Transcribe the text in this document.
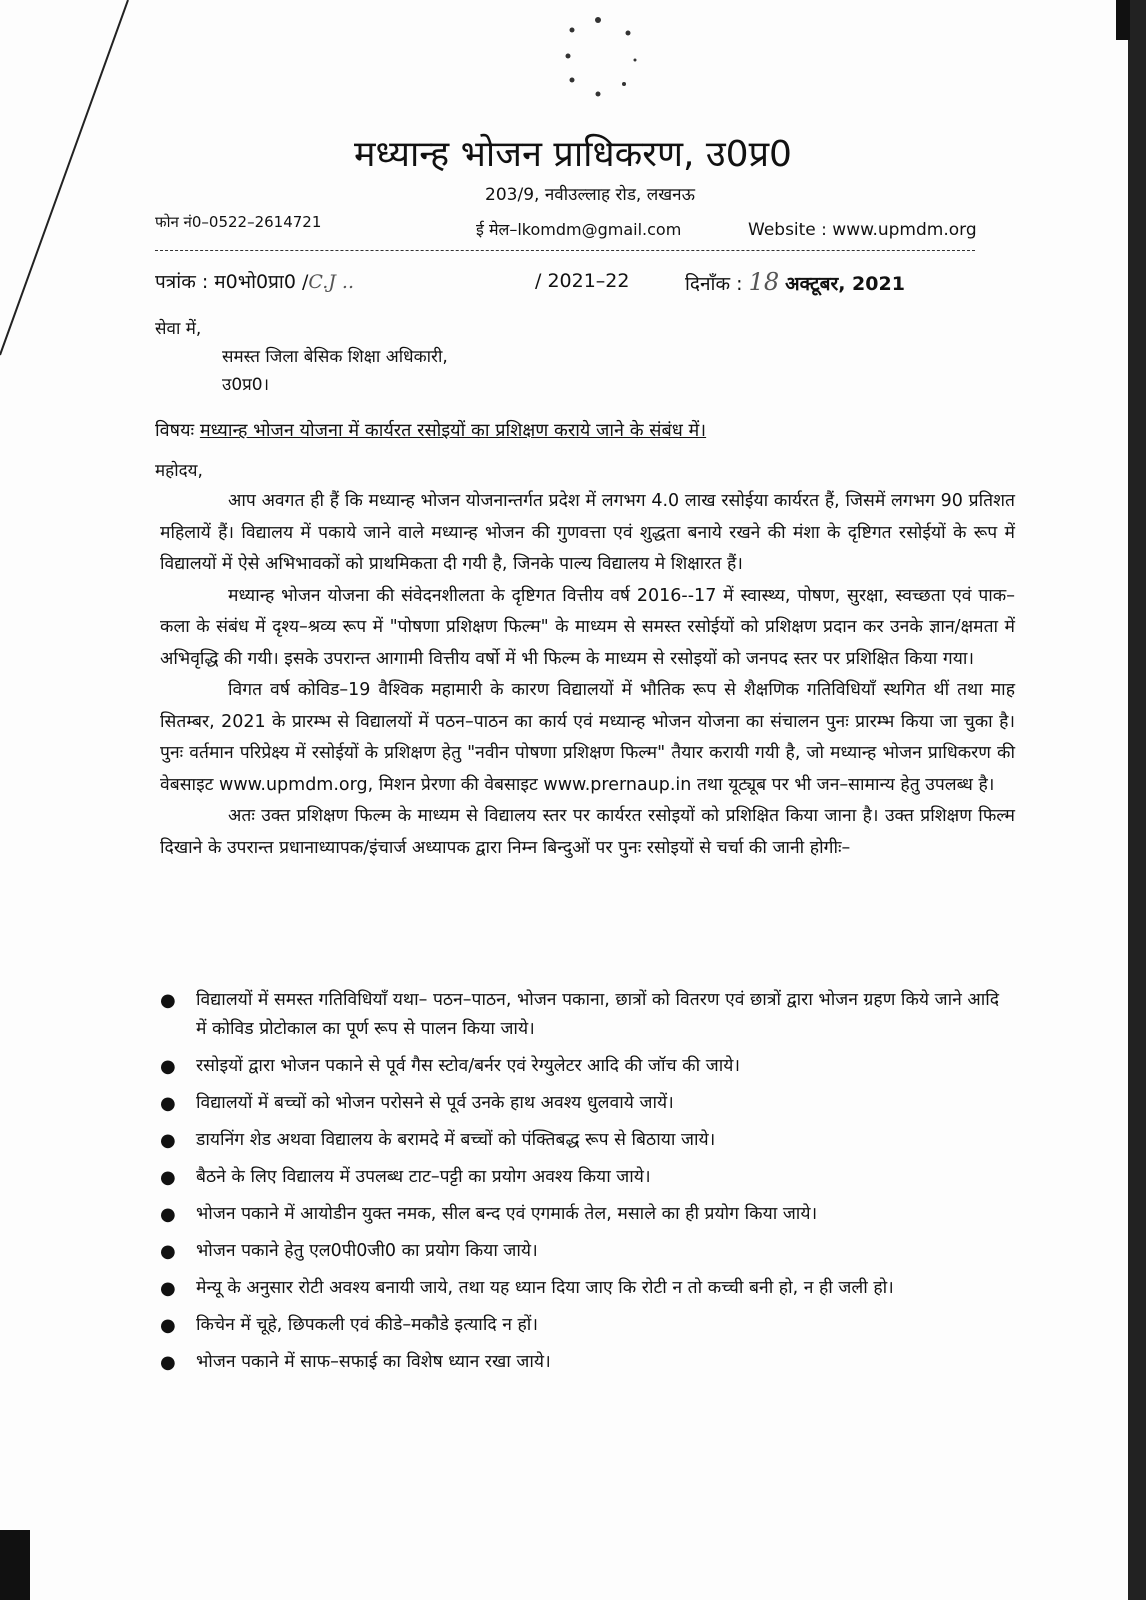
मध्यान्ह भोजन प्राधिकरण, उ0प्र0
203/9, नवीउल्लाह रोड, लखनऊ
फोन नं0–0522–2614721	ई मेल–lkomdm@gmail.com	Website : www.upmdm.org
पत्रांक : म0भो0प्रा0 /C.J ..	/ 2021–22	दिनाँक : 18 अक्टूबर, 2021
सेवा में,
समस्त जिला बेसिक शिक्षा अधिकारी,
उ0प्र0।
विषयः मध्यान्ह भोजन योजना में कार्यरत रसोइयों का प्रशिक्षण कराये जाने के संबंध में।
महोदय,

आप अवगत ही हैं कि मध्यान्ह भोजन योजनान्तर्गत प्रदेश में लगभग 4.0 लाख रसोईया कार्यरत हैं, जिसमें लगभग 90 प्रतिशत महिलायें हैं। विद्यालय में पकाये जाने वाले मध्यान्ह भोजन की गुणवत्ता एवं शुद्धता बनाये रखने की मंशा के दृष्टिगत रसोईयों के रूप में विद्यालयों में ऐसे अभिभावकों को प्राथमिकता दी गयी है, जिनके पाल्य विद्यालय मे शिक्षारत हैं।

मध्यान्ह भोजन योजना की संवेदनशीलता के दृष्टिगत वित्तीय वर्ष 2016--17 में स्वास्थ्य, पोषण, सुरक्षा, स्वच्छता एवं पाक–कला के संबंध में दृश्य–श्रव्य रूप में "पोषणा प्रशिक्षण फिल्म" के माध्यम से समस्त रसोईयों को प्रशिक्षण प्रदान कर उनके ज्ञान/क्षमता में अभिवृद्धि की गयी। इसके उपरान्त आगामी वित्तीय वर्षो में भी फिल्म के माध्यम से रसोइयों को जनपद स्तर पर प्रशिक्षित किया गया।

विगत वर्ष कोविड–19 वैश्विक महामारी के कारण विद्यालयों में भौतिक रूप से शैक्षणिक गतिविधियॉं स्थगित थीं तथा माह सितम्बर, 2021 के प्रारम्भ से विद्यालयों में पठन–पाठन का कार्य एवं मध्यान्ह भोजन योजना का संचालन पुनः प्रारम्भ किया जा चुका है। पुनः वर्तमान परिप्रेक्ष्य में रसोईयों के प्रशिक्षण हेतु "नवीन पोषणा प्रशिक्षण फिल्म" तैयार करायी गयी है, जो मध्यान्ह भोजन प्राधिकरण की वेबसाइट www.upmdm.org, मिशन प्रेरणा की वेबसाइट www.prernaup.in तथा यूट्यूब पर भी जन–सामान्य हेतु उपलब्ध है।

अतः उक्त प्रशिक्षण फिल्म के माध्यम से विद्यालय स्तर पर कार्यरत रसोइयों को प्रशिक्षित किया जाना है। उक्त प्रशिक्षण फिल्म दिखाने के उपरान्त प्रधानाध्यापक/इंचार्ज अध्यापक द्वारा निम्न बिन्दुओं पर पुनः रसोइयों से चर्चा की जानी होगीः–

● विद्यालयों में समस्त गतिविधियॉं यथा– पठन–पाठन, भोजन पकाना, छात्रों को वितरण एवं छात्रों द्वारा भोजन ग्रहण किये जाने आदि में कोविड प्रोटोकाल का पूर्ण रूप से पालन किया जाये।
● रसोइयों द्वारा भोजन पकाने से पूर्व गैस स्टोव/बर्नर एवं रेग्युलेटर आदि की जॉच की जाये।
● विद्यालयों में बच्चों को भोजन परोसने से पूर्व उनके हाथ अवश्य धुलवाये जायें।
● डायनिंग शेड अथवा विद्यालय के बरामदे में बच्चों को पंक्तिबद्ध रूप से बिठाया जाये।
● बैठने के लिए विद्यालय में उपलब्ध टाट–पट्टी का प्रयोग अवश्य किया जाये।
● भोजन पकाने में आयोडीन युक्त नमक, सील बन्द एवं एगमार्क तेल, मसाले का ही प्रयोग किया जाये।
● भोजन पकाने हेतु एल0पी0जी0 का प्रयोग किया जाये।
● मेन्यू के अनुसार रोटी अवश्य बनायी जाये, तथा यह ध्यान दिया जाए कि रोटी न तो कच्ची बनी हो, न ही जली हो।
● किचेन में चूहे, छिपकली एवं कीडे–मकौडे इत्यादि न हों।
● भोजन पकाने में साफ–सफाई का विशेष ध्यान रखा जाये।
